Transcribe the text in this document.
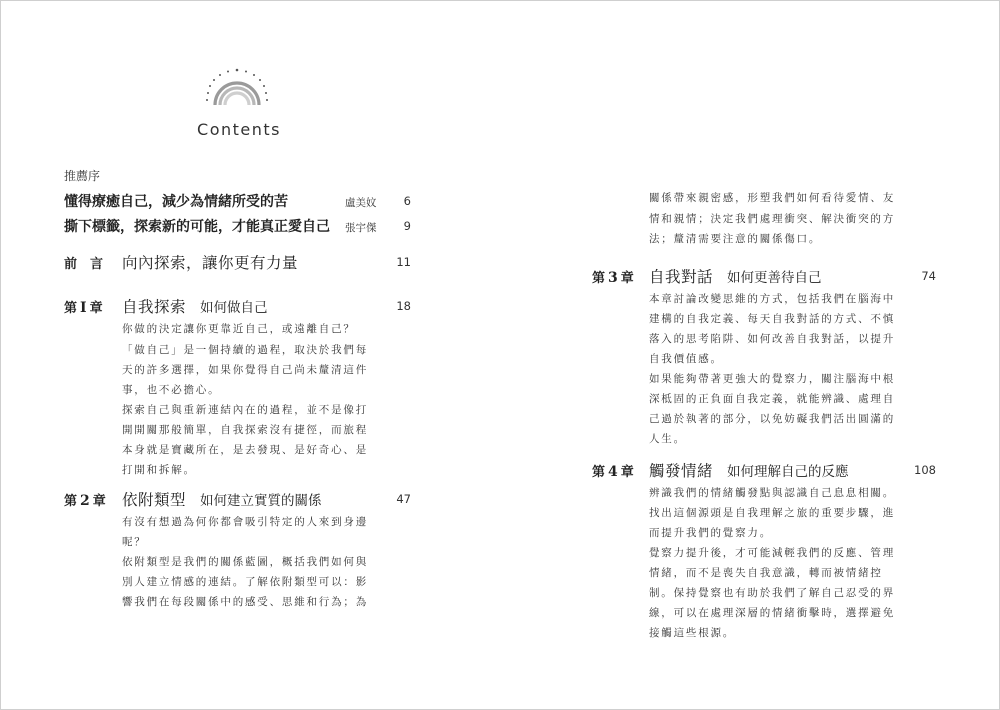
Contents
推薦序
懂得療癒自己，減少為情緒所受的苦	盧美妏	6
撕下標籤，探索新的可能，才能真正愛自己 張宇傑	9
前　言 向內探索，讓你更有力量	11
第 I 章 自我探索 如何做自己	18
你做的決定讓你更靠近自己，或遠離自己？
「做自己」是一個持續的過程，取決於我們每
天的許多選擇，如果你覺得自己尚未釐清這件
事，也不必擔心。
探索自己與重新連結內在的過程，並不是像打
開開關那般簡單，自我探索沒有捷徑，而旅程
本身就是寶藏所在，是去發現、是好奇心、是
打開和拆解。
第 2 章 依附類型 如何建立實質的關係	47
有沒有想過為何你都會吸引特定的人來到身邊
呢？
依附類型是我們的關係藍圖，概括我們如何與
別人建立情感的連結。了解依附類型可以：影
響我們在每段關係中的感受、思維和行為；為
關係帶來親密感，形塑我們如何看待愛情、友
情和親情；決定我們處理衝突、解決衝突的方
法；釐清需要注意的關係傷口。
第 3 章 自我對話 如何更善待自己	74
本章討論改變思維的方式，包括我們在腦海中
建構的自我定義、每天自我對話的方式、不慎
落入的思考陷阱、如何改善自我對話，以提升
自我價值感。
如果能夠帶著更強大的覺察力，關注腦海中根
深柢固的正負面自我定義，就能辨識、處理自
己過於執著的部分，以免妨礙我們活出圓滿的
人生。
第 4 章 觸發情緒 如何理解自己的反應	108
辨識我們的情緒觸發點與認識自己息息相關。
找出這個源頭是自我理解之旅的重要步驟，進
而提升我們的覺察力。
覺察力提升後，才可能減輕我們的反應、管理
情緒，而不是喪失自我意識，轉而被情緒控
制。保持覺察也有助於我們了解自己忍受的界
線，可以在處理深層的情緒衝擊時，選擇避免
接觸這些根源。
